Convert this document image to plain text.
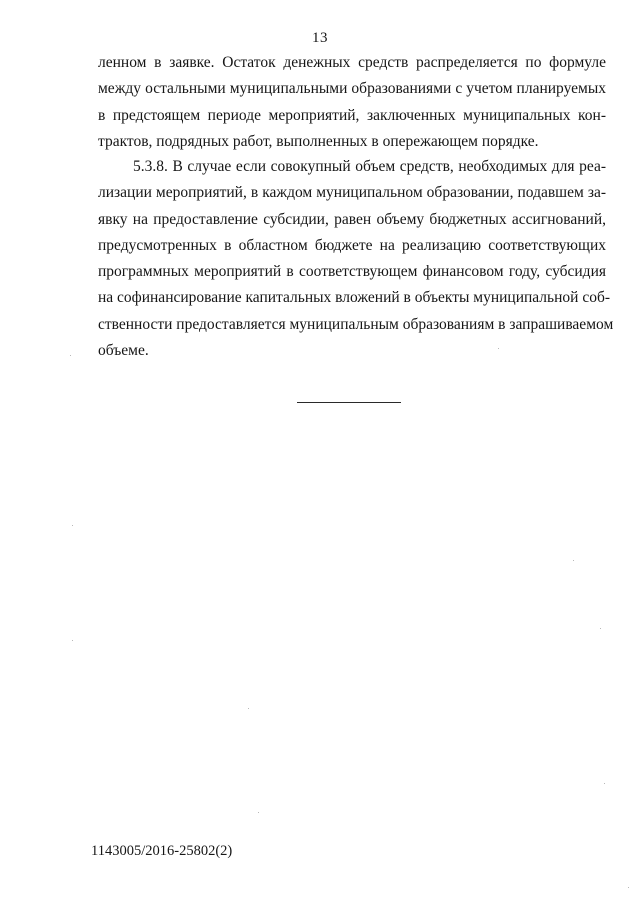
13
ленном в заявке. Остаток денежных средств распределяется по формуле
между остальными муниципальными образованиями с учетом планируемых
в предстоящем периоде мероприятий, заключенных муниципальных кон-
трактов, подрядных работ, выполненных в опережающем порядке.
5.3.8. В случае если совокупный объем средств, необходимых для реа-
лизации мероприятий, в каждом муниципальном образовании, подавшем за-
явку на предоставление субсидии, равен объему бюджетных ассигнований,
предусмотренных в областном бюджете на реализацию соответствующих
программных мероприятий в соответствующем финансовом году, субсидия
на софинансирование капитальных вложений в объекты муниципальной соб-
ственности предоставляется муниципальным образованиям в запрашиваемом
объеме.
1143005/2016-25802(2)
